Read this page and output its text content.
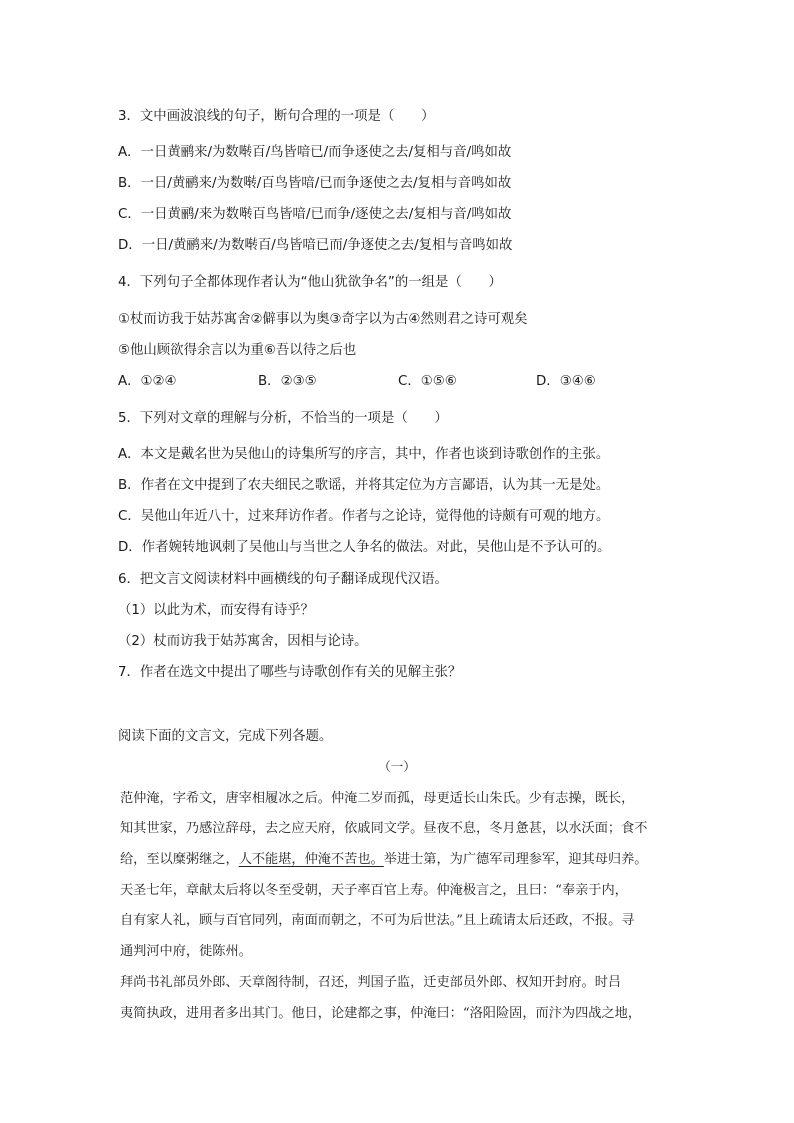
3．文中画波浪线的句子，断句合理的一项是（　　）
A．一日黄鹂来/为数啭百/鸟皆喑已/而争逐使之去/复相与音/鸣如故
B．一日/黄鹂来/为数啭/百鸟皆喑/已而争逐使之去/复相与音鸣如故
C．一日黄鹂/来为数啭百鸟皆喑/已而争/逐使之去/复相与音/鸣如故
D．一日/黄鹂来/为数啭百/鸟皆喑已而/争逐使之去/复相与音鸣如故
4．下列句子全都体现作者认为“他山犹欲争名”的一组是（　　）
①杖而访我于姑苏寓舍②僻事以为奥③奇字以为古④然则君之诗可观矣
⑤他山顾欲得余言以为重⑥吾以待之后也
A．①②④	B．②③⑤	C．①⑤⑥	D．③④⑥
5．下列对文章的理解与分析，不恰当的一项是（　　）
A．本文是戴名世为吴他山的诗集所写的序言，其中，作者也谈到诗歌创作的主张。
B．作者在文中提到了农夫细民之歌谣，并将其定位为方言鄙语，认为其一无是处。
C．吴他山年近八十，过来拜访作者。作者与之论诗，觉得他的诗颇有可观的地方。
D．作者婉转地讽刺了吴他山与当世之人争名的做法。对此，吴他山是不予认可的。
6．把文言文阅读材料中画横线的句子翻译成现代汉语。
（1）以此为术，而安得有诗乎？
（2）杖而访我于姑苏寓舍，因相与论诗。
7．作者在选文中提出了哪些与诗歌创作有关的见解主张？
阅读下面的文言文，完成下列各题。
（一）
范仲淹，字希文，唐宰相履冰之后。仲淹二岁而孤，母更适长山朱氏。少有志操，既长，
知其世家，乃感泣辞母，去之应天府，依戚同文学。昼夜不息，冬月惫甚，以水沃面；食不
给，至以糜粥继之，人不能堪，仲淹不苦也。举进士第，为广德军司理参军，迎其母归养。
天圣七年，章献太后将以冬至受朝，天子率百官上寿。仲淹极言之，且曰：“奉亲于内，
自有家人礼，顾与百官同列，南面而朝之，不可为后世法。”且上疏请太后还政，不报。寻
通判河中府，徙陈州。
拜尚书礼部员外郎、天章阁待制，召还，判国子监，迁吏部员外郎、权知开封府。时吕
夷简执政，进用者多出其门。他日，论建都之事，仲淹曰：“洛阳险固，而汴为四战之地，
